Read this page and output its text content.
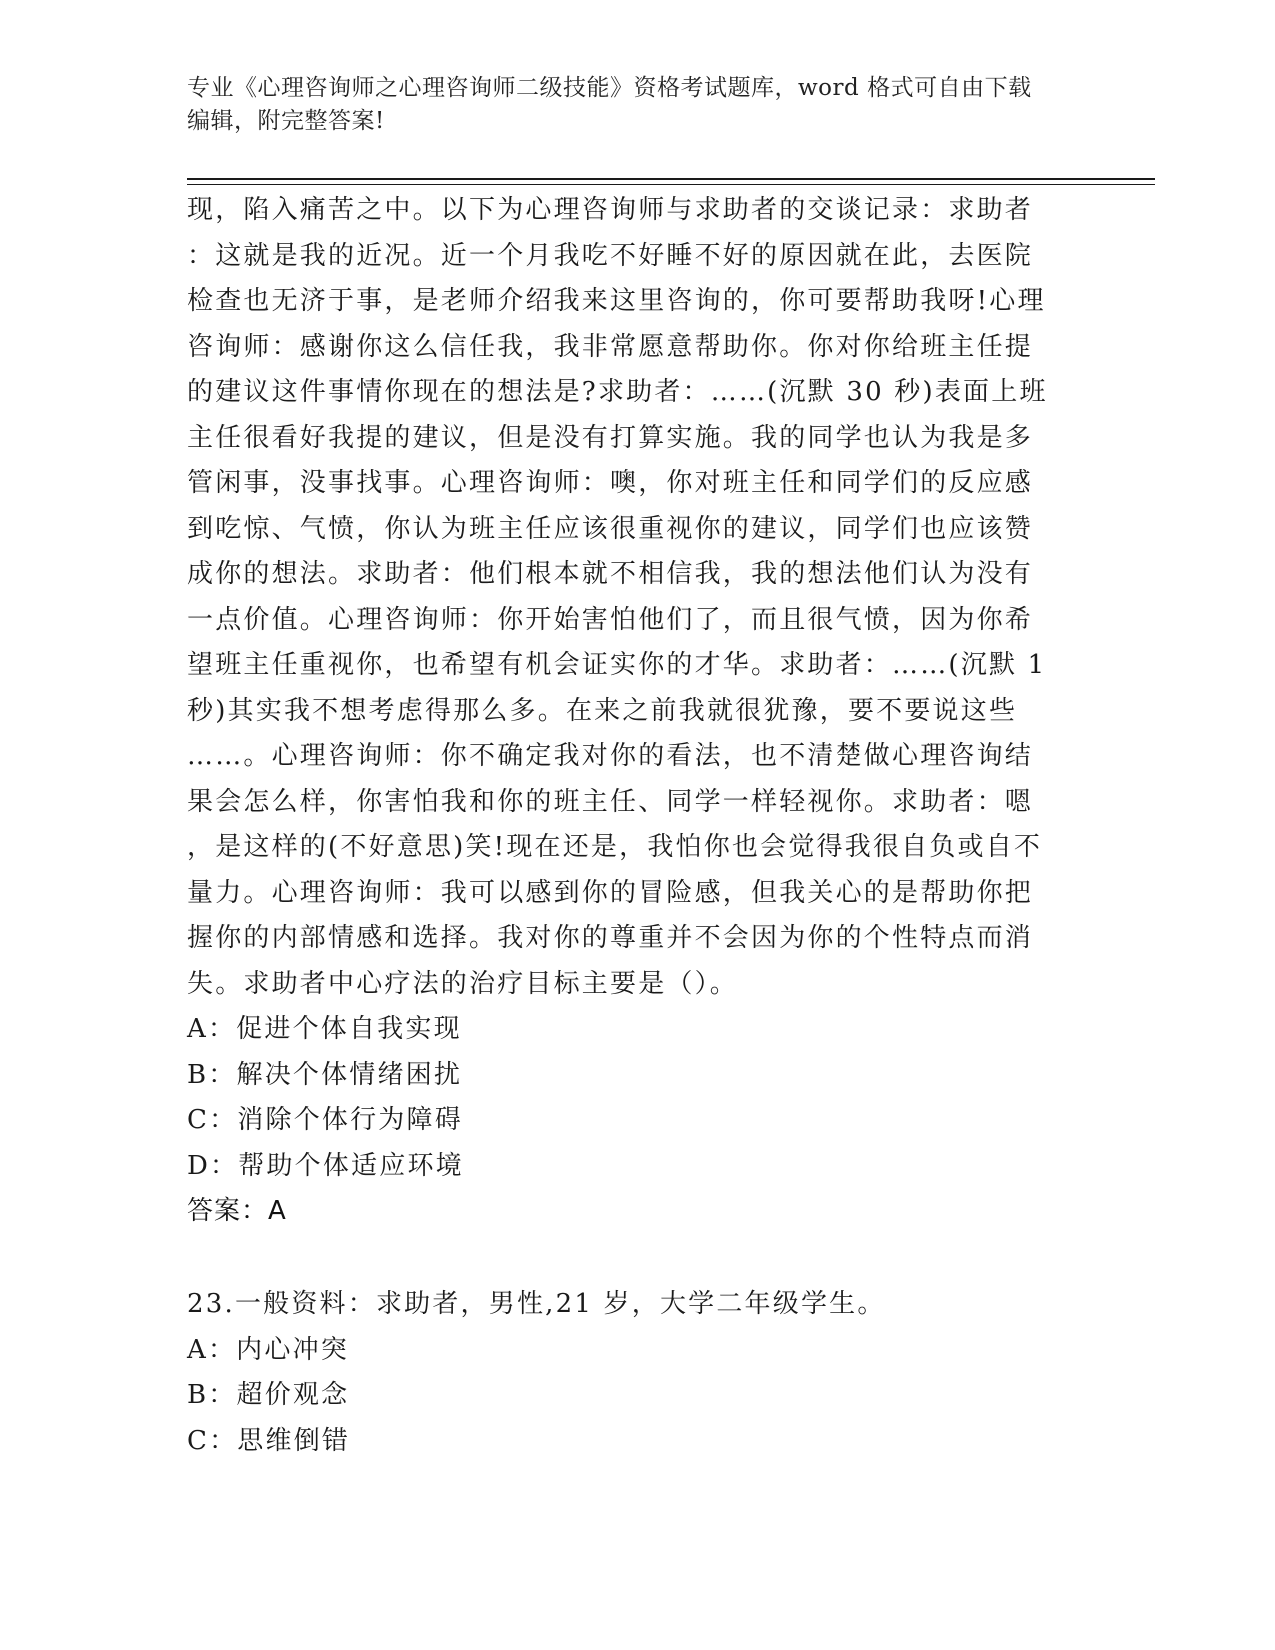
专业《心理咨询师之心理咨询师二级技能》资格考试题库，word 格式可自由下载
编辑，附完整答案!
现，陷入痛苦之中。以下为心理咨询师与求助者的交谈记录：求助者
：这就是我的近况。近一个月我吃不好睡不好的原因就在此，去医院
检查也无济于事，是老师介绍我来这里咨询的，你可要帮助我呀!心理
咨询师：感谢你这么信任我，我非常愿意帮助你。你对你给班主任提
的建议这件事情你现在的想法是?求助者：……(沉默 30 秒)表面上班
主任很看好我提的建议，但是没有打算实施。我的同学也认为我是多
管闲事，没事找事。心理咨询师：噢，你对班主任和同学们的反应感
到吃惊、气愤，你认为班主任应该很重视你的建议，同学们也应该赞
成你的想法。求助者：他们根本就不相信我，我的想法他们认为没有
一点价值。心理咨询师：你开始害怕他们了，而且很气愤，因为你希
望班主任重视你，也希望有机会证实你的才华。求助者：……(沉默 1
秒)其实我不想考虑得那么多。在来之前我就很犹豫，要不要说这些
……。心理咨询师：你不确定我对你的看法，也不清楚做心理咨询结
果会怎么样，你害怕我和你的班主任、同学一样轻视你。求助者：嗯
，是这样的(不好意思)笑!现在还是，我怕你也会觉得我很自负或自不
量力。心理咨询师：我可以感到你的冒险感，但我关心的是帮助你把
握你的内部情感和选择。我对你的尊重并不会因为你的个性特点而消
失。求助者中心疗法的治疗目标主要是（）。
A：促进个体自我实现
B：解决个体情绪困扰
C：消除个体行为障碍
D：帮助个体适应环境
答案：A
23.一般资料：求助者，男性,21 岁，大学二年级学生。
A：内心冲突
B：超价观念
C：思维倒错
